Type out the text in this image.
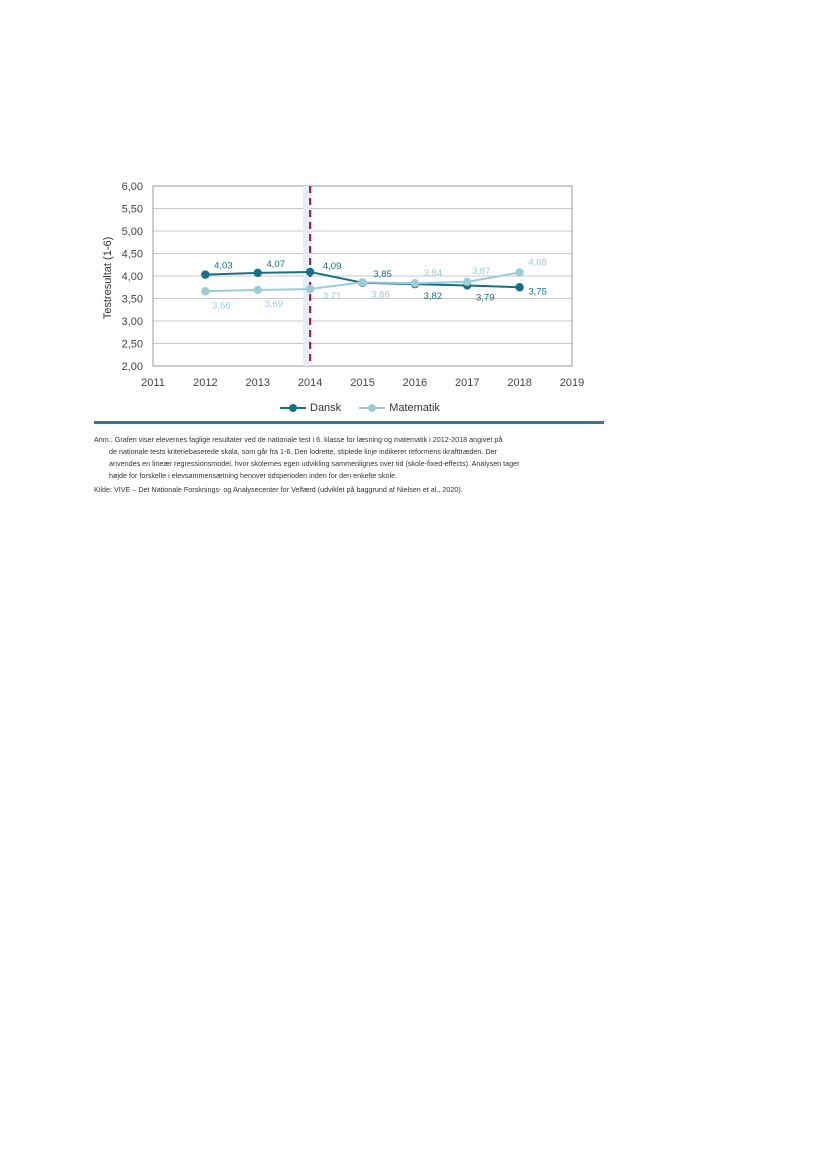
2,00
2,50
3,00
3,50
4,00
4,50
5,00
5,50
6,00
2011	2012	2013	2014	2015	2016	2017	2018	2019
Testresultat (1-6)	4,03	4,07	4,09
3,85
3,82	3,79
3,75
3,66	3,69
3,71	3,86
3,84	3,87
4,08
Dansk	Matematik

Anm.: Grafen viser elevernes faglige resultater ved de nationale test i 6. klasse for læsning og matematik i 2012-2018 angivet på

de nationale tests kriteriebaserede skala, som går fra 1-6. Den lodrette, stiplede linje indikerer reformens ikrafttræden. Der

anvendes en lineær regressionsmodel, hvor skolernes egen udvikling sammenlignes over tid (skole-fixed-effects). Analysen tager

højde for forskelle i elevsammensætning henover tidsperioden inden for den enkelte skole.

Kilde: VIVE – Det Nationale Forsknings- og Analysecenter for Velfærd (udviklet på baggrund af Nielsen et al., 2020).
